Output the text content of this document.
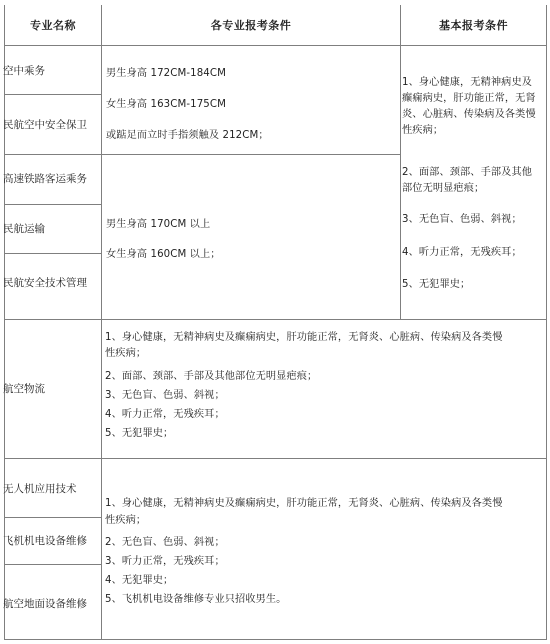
专业名称	各专业报考条件	基本报考条件
空中乘务
民航空中安全保卫
高速铁路客运乘务
民航运输
民航安全技术管理
航空物流
无人机应用技术
飞机机电设备维修
航空地面设备维修
男生身高 172CM-184CM
女生身高 163CM-175CM
或踮足而立时手指须触及 212CM；
男生身高 170CM 以上
女生身高 160CM 以上；
1、身心健康，无精神病史及
癫痫病史，肝功能正常，无肾
炎、心脏病、传染病及各类慢
性疾病；
2、面部、颈部、手部及其他
部位无明显疤痕；
3、无色盲、色弱、斜视；
4、听力正常，无残疾耳；
5、无犯罪史；
1、身心健康，无精神病史及癫痫病史，肝功能正常，无肾炎、心脏病、传染病及各类慢
性疾病；
2、面部、颈部、手部及其他部位无明显疤痕；
3、无色盲、色弱、斜视；
4、听力正常，无残疾耳；
5、无犯罪史；
1、身心健康，无精神病史及癫痫病史，肝功能正常，无肾炎、心脏病、传染病及各类慢
性疾病；
2、无色盲、色弱、斜视；
3、听力正常，无残疾耳；
4、无犯罪史；
5、飞机机电设备维修专业只招收男生。
